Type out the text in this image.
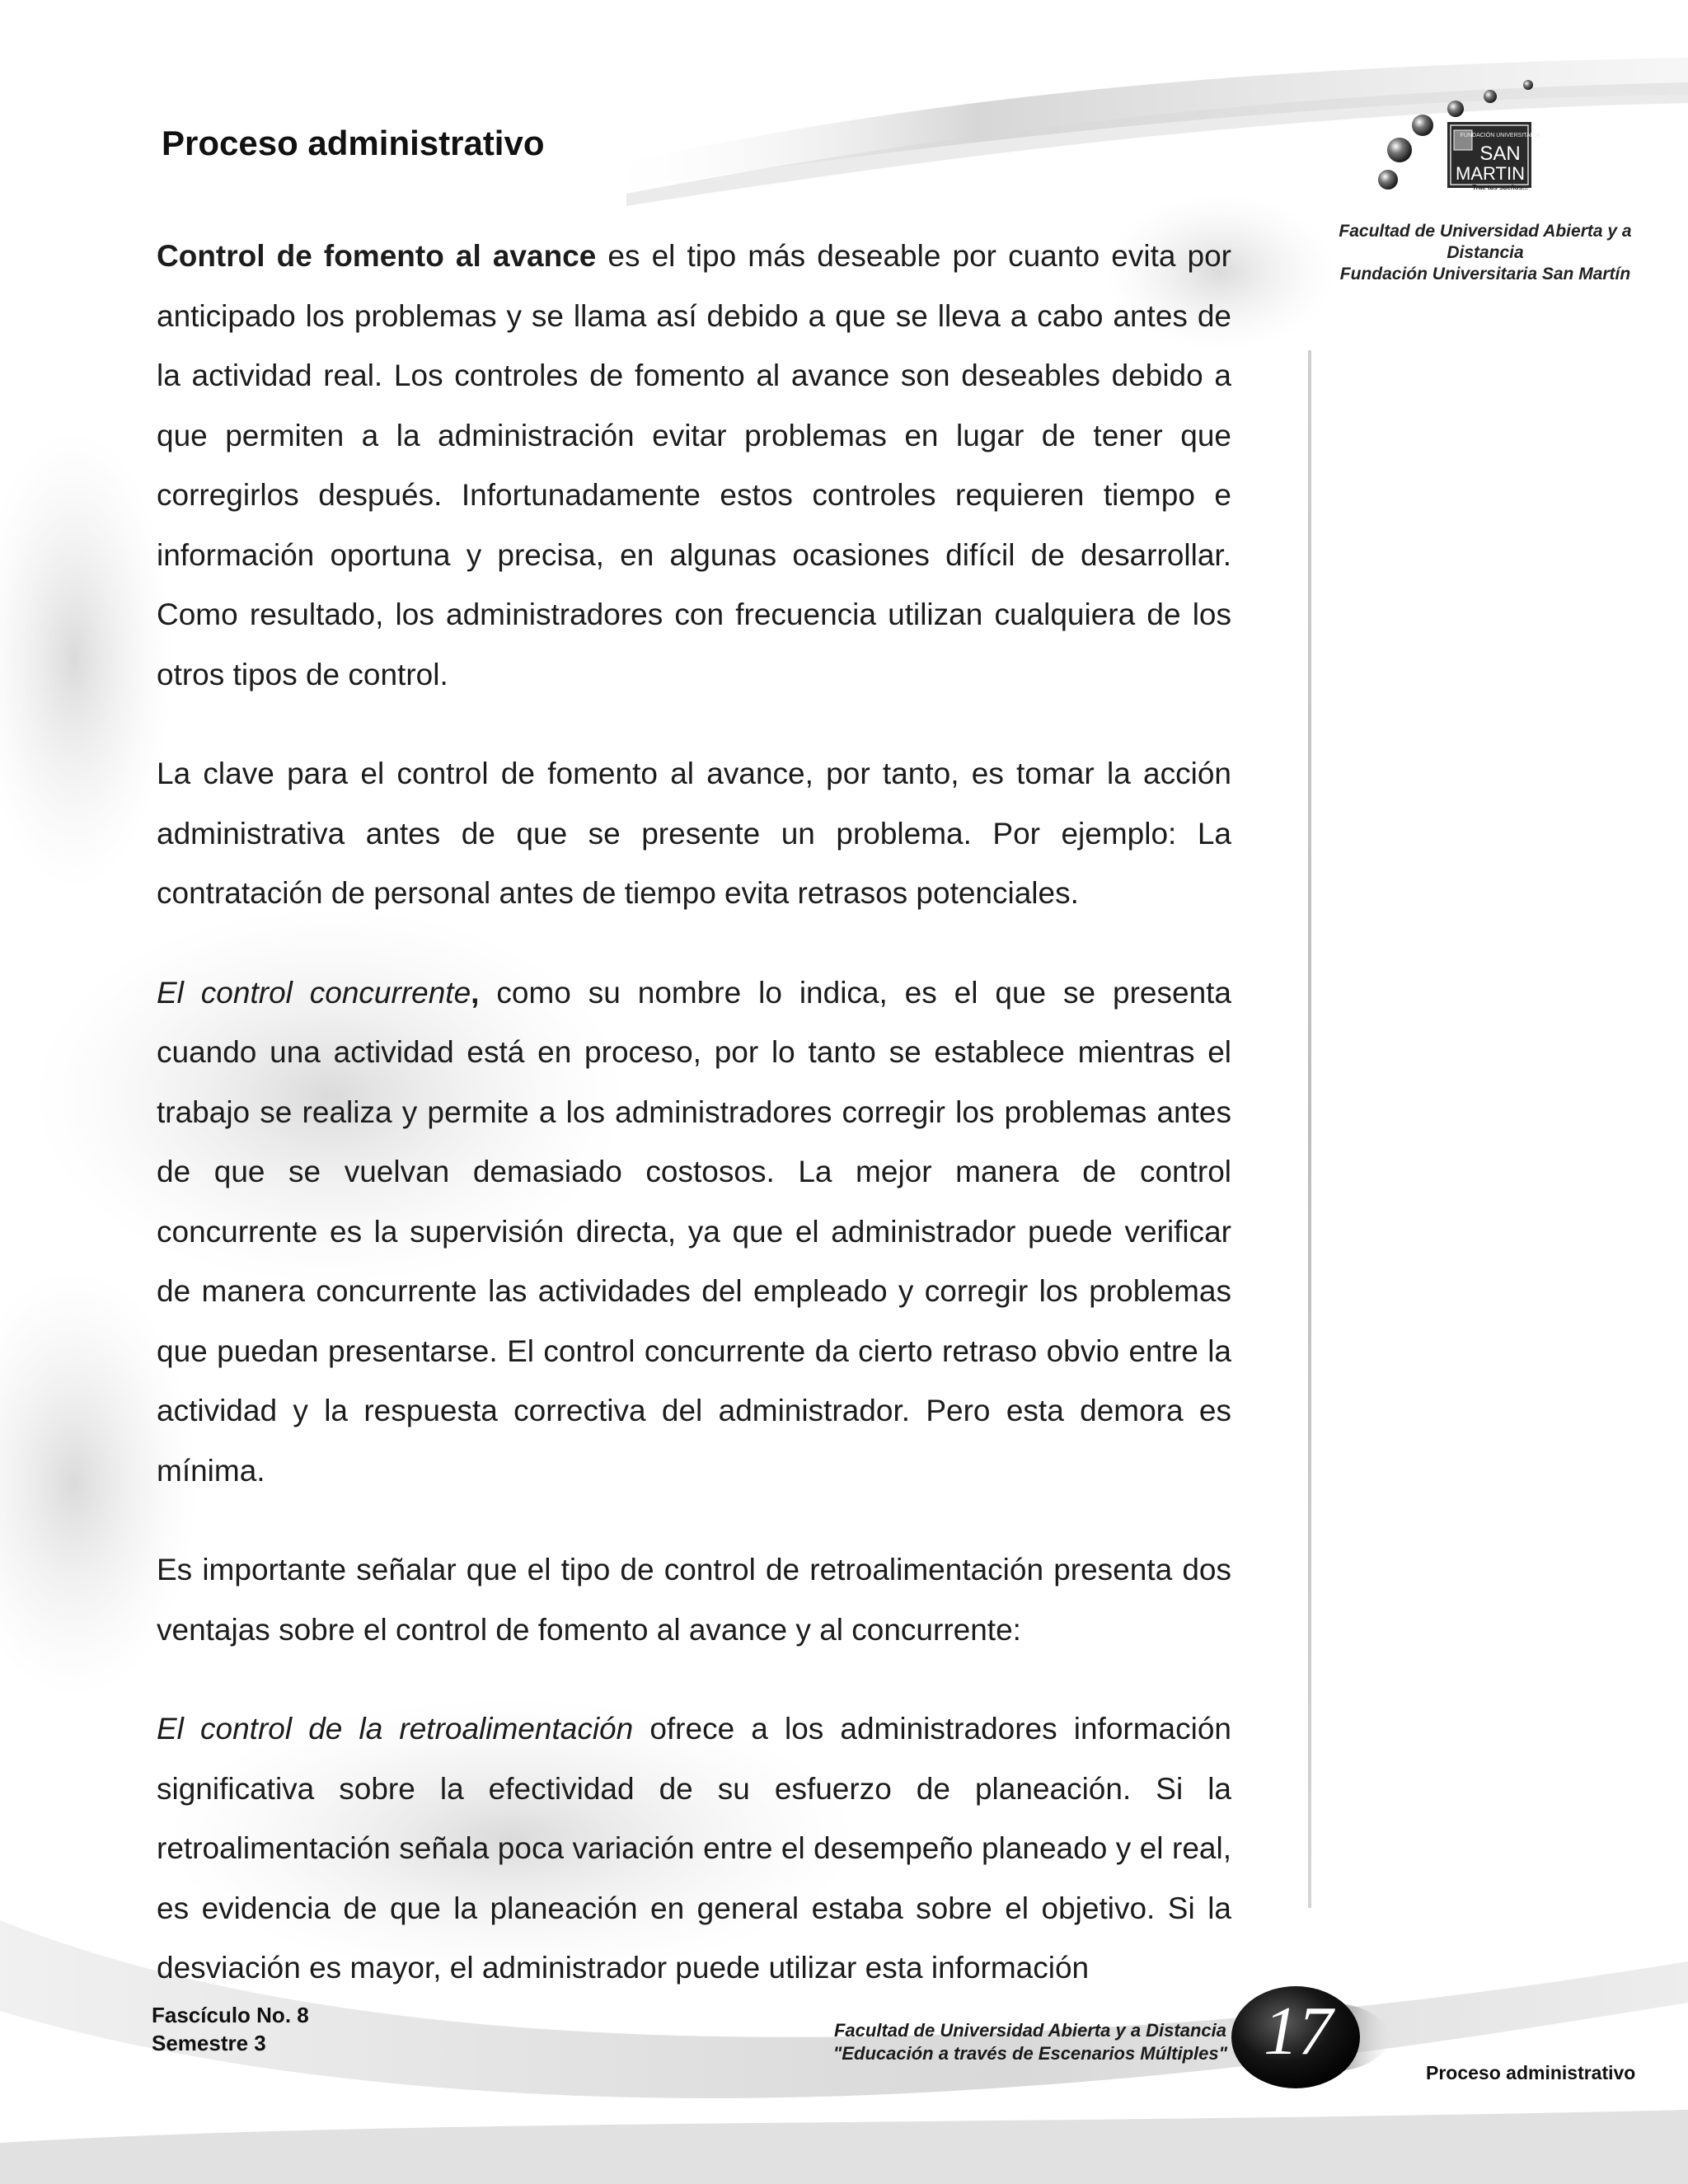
Proceso administrativo	FUNDACIÓN UNIVERSITARIA
SAN
MARTIN
Trae tus sueños...
Facultad de Universidad Abierta y a Distancia
Fundación Universitaria San Martín

Control de fomento al avance es el tipo más deseable por cuanto evita por anticipado los problemas y se llama así debido a que se lleva a cabo antes de la actividad real. Los controles de fomento al avance son deseables debido a que permiten a la administración evitar problemas en lugar de tener que corregirlos después. Infortunadamente estos controles requieren tiempo e información oportuna y precisa, en algunas ocasiones difícil de desarrollar. Como resultado, los administradores con frecuencia utilizan cualquiera de los otros tipos de control.

La clave para el control de fomento al avance, por tanto, es tomar la acción administrativa antes de que se presente un problema. Por ejemplo: La contratación de personal antes de tiempo evita retrasos potenciales.

El control concurrente, como su nombre lo indica, es el que se presenta cuando una actividad está en proceso, por lo tanto se establece mientras el trabajo se realiza y permite a los administradores corregir los problemas antes de que se vuelvan demasiado costosos. La mejor manera de control concurrente es la supervisión directa, ya que el administrador puede verificar de manera concurrente las actividades del empleado y corregir los problemas que puedan presentarse. El control concurrente da cierto retraso obvio entre la actividad y la respuesta correctiva del administrador. Pero esta demora es mínima.

Es importante señalar que el tipo de control de retroalimentación presenta dos ventajas sobre el control de fomento al avance y al concurrente:

El control de la retroalimentación ofrece a los administradores información significativa sobre la efectividad de su esfuerzo de planeación. Si la retroalimentación señala poca variación entre el desempeño planeado y el real, es evidencia de que la planeación en general estaba sobre el objetivo. Si la desviación es mayor, el administrador puede utilizar esta información

Fascículo No. 8
Semestre 3
Facultad de Universidad Abierta y a Distancia
"Educación a través de Escenarios Múltiples" 17
Proceso administrativo
